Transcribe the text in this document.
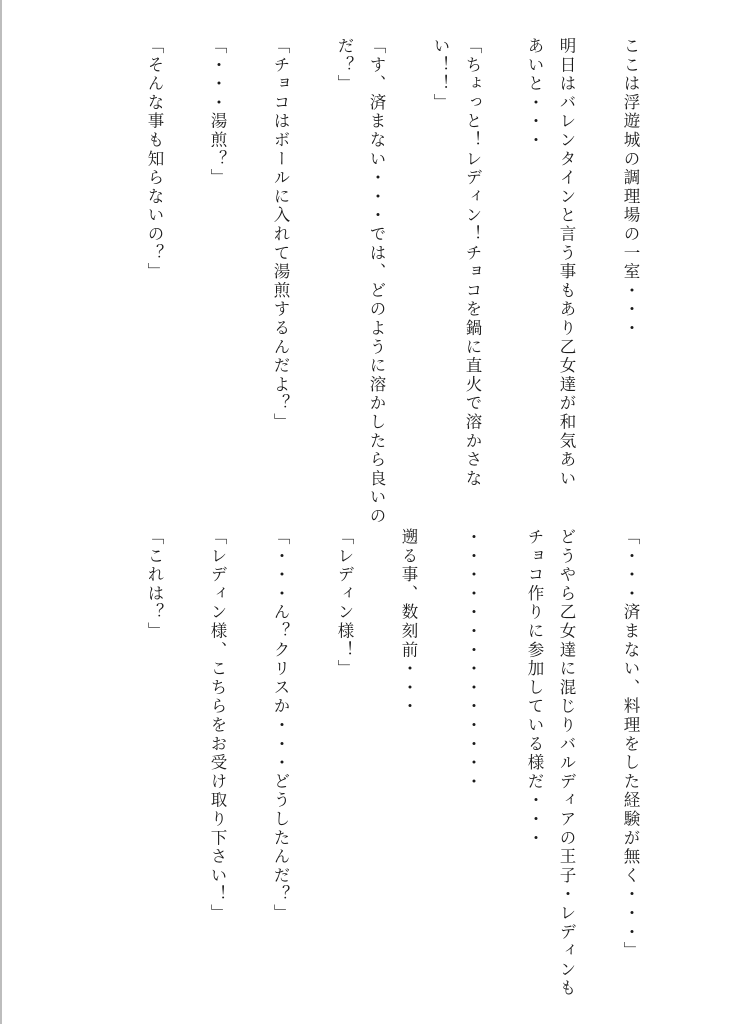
ここは浮遊城の調理場の一室・・・
明日はバレンタインと言う事もあり乙女達が和気あい
あいと・・・
「ちょっと！レディン！チョコを鍋に直火で溶かさな
い！！」
「す、済まない・・・では、どのように溶かしたら良いの
だ？」
「チョコはボールに入れて湯煎するんだよ？」
「・・・湯煎？」
「そんな事も知らないの？」
「・・・済まない、料理をした経験が無く・・・」
どうやら乙女達に混じりバルディアの王子・レディンも
チョコ作りに参加している様だ・・・
・・・・・・・・・・・・・・
遡る事、数刻前・・・
「レディン様！」
「・・・ん？クリスか・・・どうしたんだ？」
「レディン様、こちらをお受け取り下さい！」
「これは？」
